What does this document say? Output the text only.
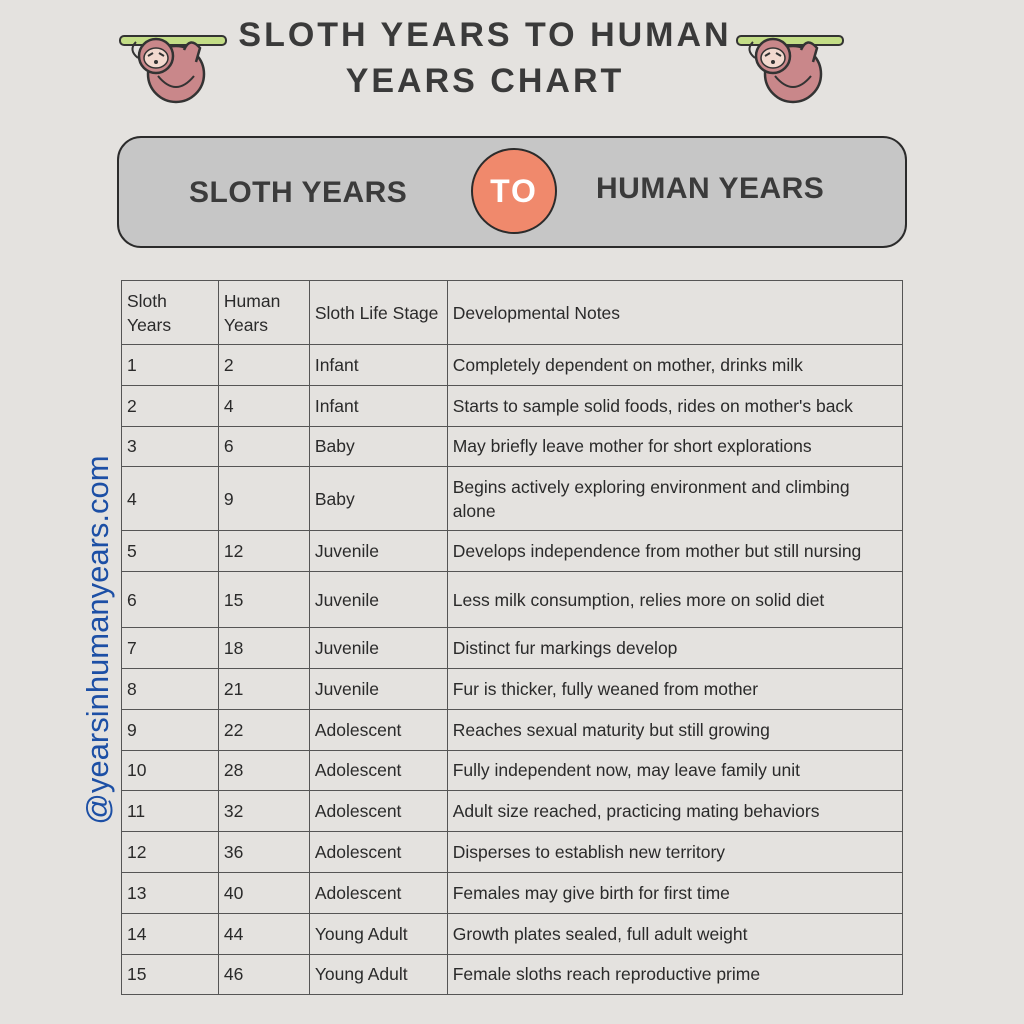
SLOTH YEARS TO HUMAN
YEARS CHART
SLOTH YEARS	TO HUMAN YEARS
@yearsinhumanyears.com
Sloth Years	Human Years	Sloth Life Stage	Developmental Notes
1	2	Infant	Completely dependent on mother, drinks milk
2	4	Infant	Starts to sample solid foods, rides on mother's back
3	6	Baby	May briefly leave mother for short explorations
4	9	Baby	Begins actively exploring environment and climbing alone
5	12	Juvenile	Develops independence from mother but still nursing
6	15	Juvenile	Less milk consumption, relies more on solid diet
7	18	Juvenile	Distinct fur markings develop
8	21	Juvenile	Fur is thicker, fully weaned from mother
9	22	Adolescent	Reaches sexual maturity but still growing
10	28	Adolescent	Fully independent now, may leave family unit
11	32	Adolescent	Adult size reached, practicing mating behaviors
12	36	Adolescent	Disperses to establish new territory
13	40	Adolescent	Females may give birth for first time
14	44	Young Adult	Growth plates sealed, full adult weight
15	46	Young Adult	Female sloths reach reproductive prime
